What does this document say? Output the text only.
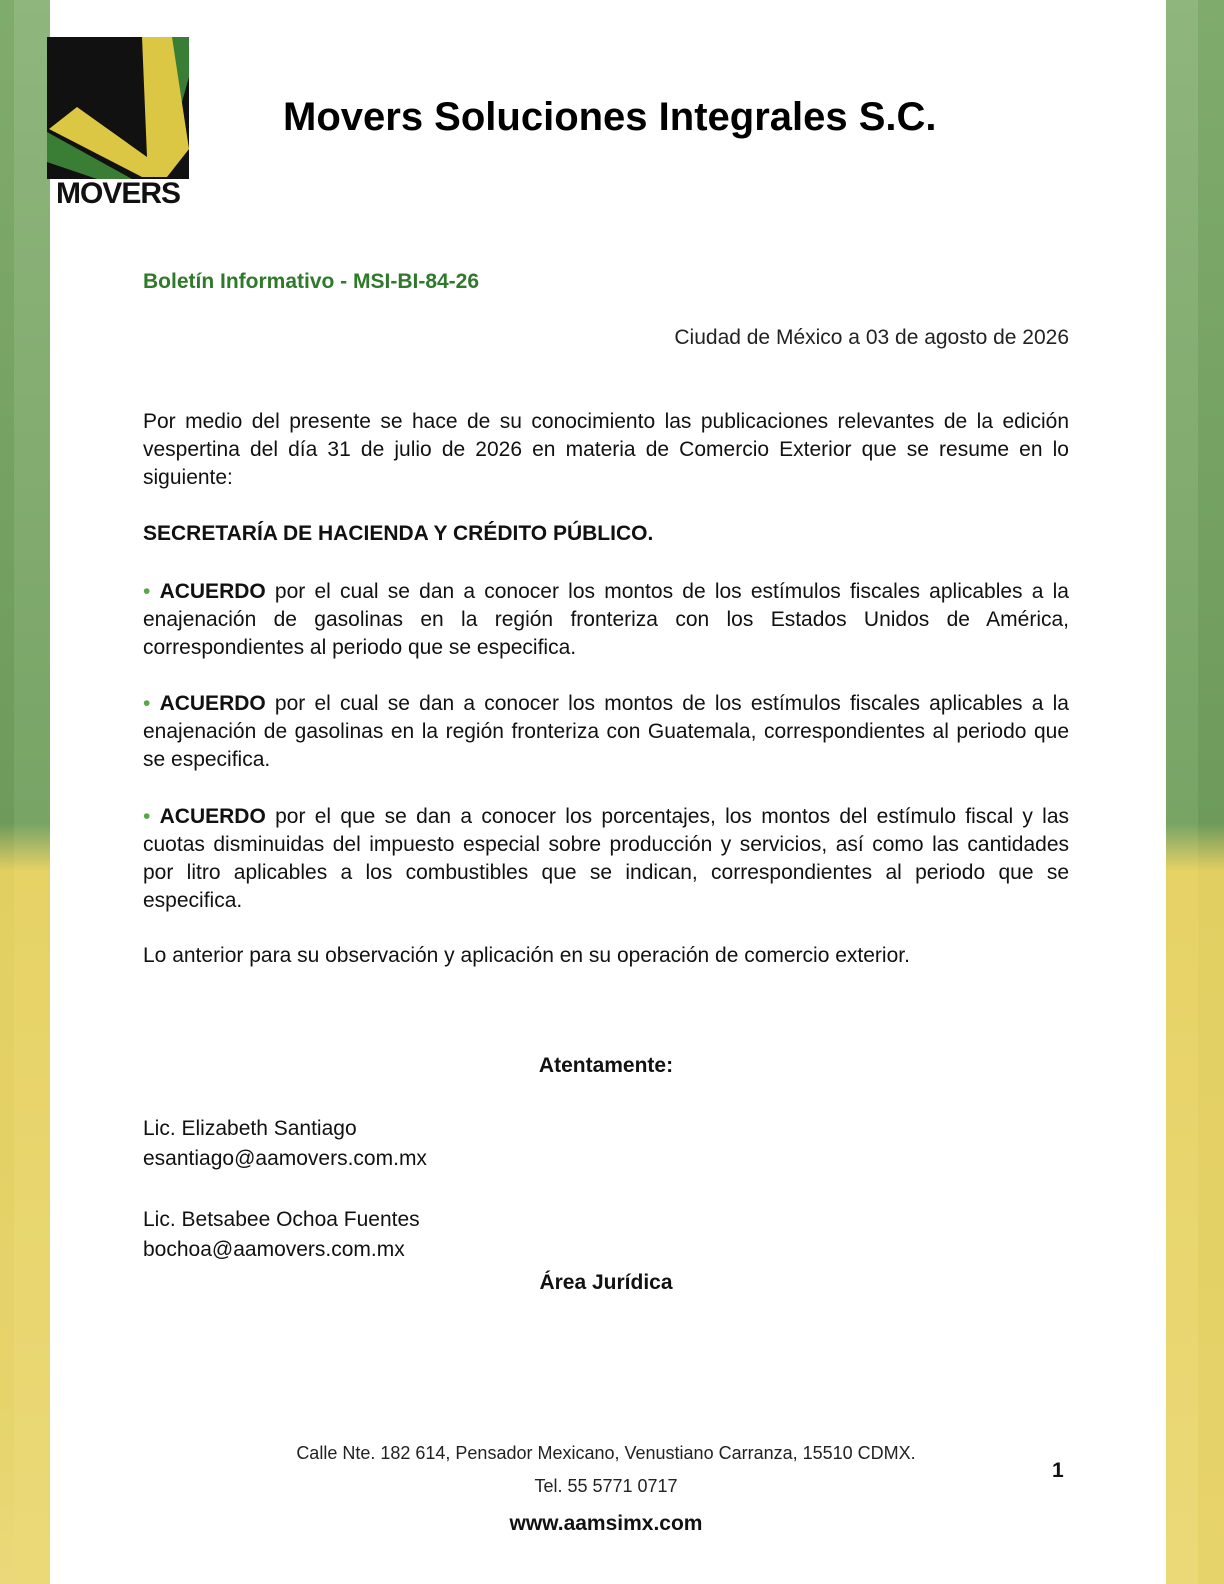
MOVERS
Movers Soluciones Integrales S.C.
Boletín Informativo - MSI-BI-84-26
Ciudad de México a 03 de agosto de 2026
Por medio del presente se hace de su conocimiento las publicaciones relevantes de la edición vespertina del día 31 de julio de 2026 en materia de Comercio Exterior que se resume en lo siguiente:
SECRETARÍA DE HACIENDA Y CRÉDITO PÚBLICO.
• ACUERDO por el cual se dan a conocer los montos de los estímulos fiscales aplicables a la enajenación de gasolinas en la región fronteriza con los Estados Unidos de América, correspondientes al periodo que se especifica.
• ACUERDO por el cual se dan a conocer los montos de los estímulos fiscales aplicables a la enajenación de gasolinas en la región fronteriza con Guatemala, correspondientes al periodo que se especifica.
• ACUERDO por el que se dan a conocer los porcentajes, los montos del estímulo fiscal y las cuotas disminuidas del impuesto especial sobre producción y servicios, así como las cantidades por litro aplicables a los combustibles que se indican, correspondientes al periodo que se especifica.
Lo anterior para su observación y aplicación en su operación de comercio exterior.
Atentamente:
Lic. Elizabeth Santiago
esantiago@aamovers.com.mx
Lic. Betsabee Ochoa Fuentes
bochoa@aamovers.com.mx
Área Jurídica
Calle Nte. 182 614, Pensador Mexicano, Venustiano Carranza, 15510 CDMX.
Tel. 55 5771 0717
www.aamsimx.com
1
